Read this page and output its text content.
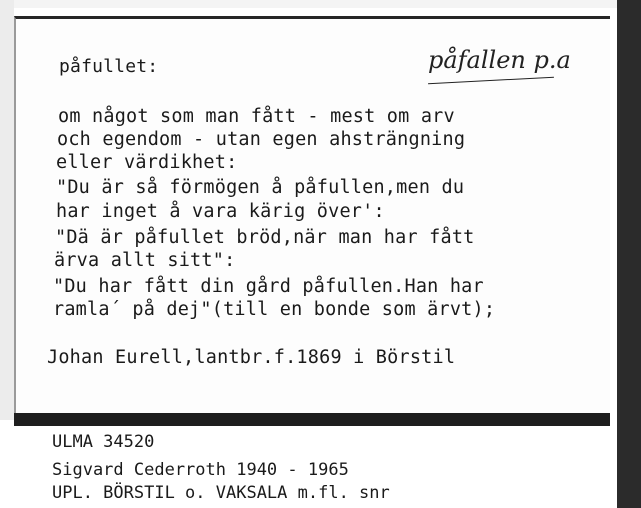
påfullet:	påfallen p.a
om något som man fått - mest om arv
och egendom - utan egen ahsträngning
eller värdikhet:
"Du är så förmögen å påfullen,men du
har inget å vara kärig över':
"Dä är påfullet bröd,när man har fått
ärva allt sitt":
"Du har fått din gård påfullen.Han har
ramla´ på dej"(till en bonde som ärvt);
Johan Eurell,lantbr.f.1869 i Börstil
ULMA 34520
Sigvard Cederroth 1940 - 1965
UPL. BÖRSTIL o. VAKSALA m.fl. snr
